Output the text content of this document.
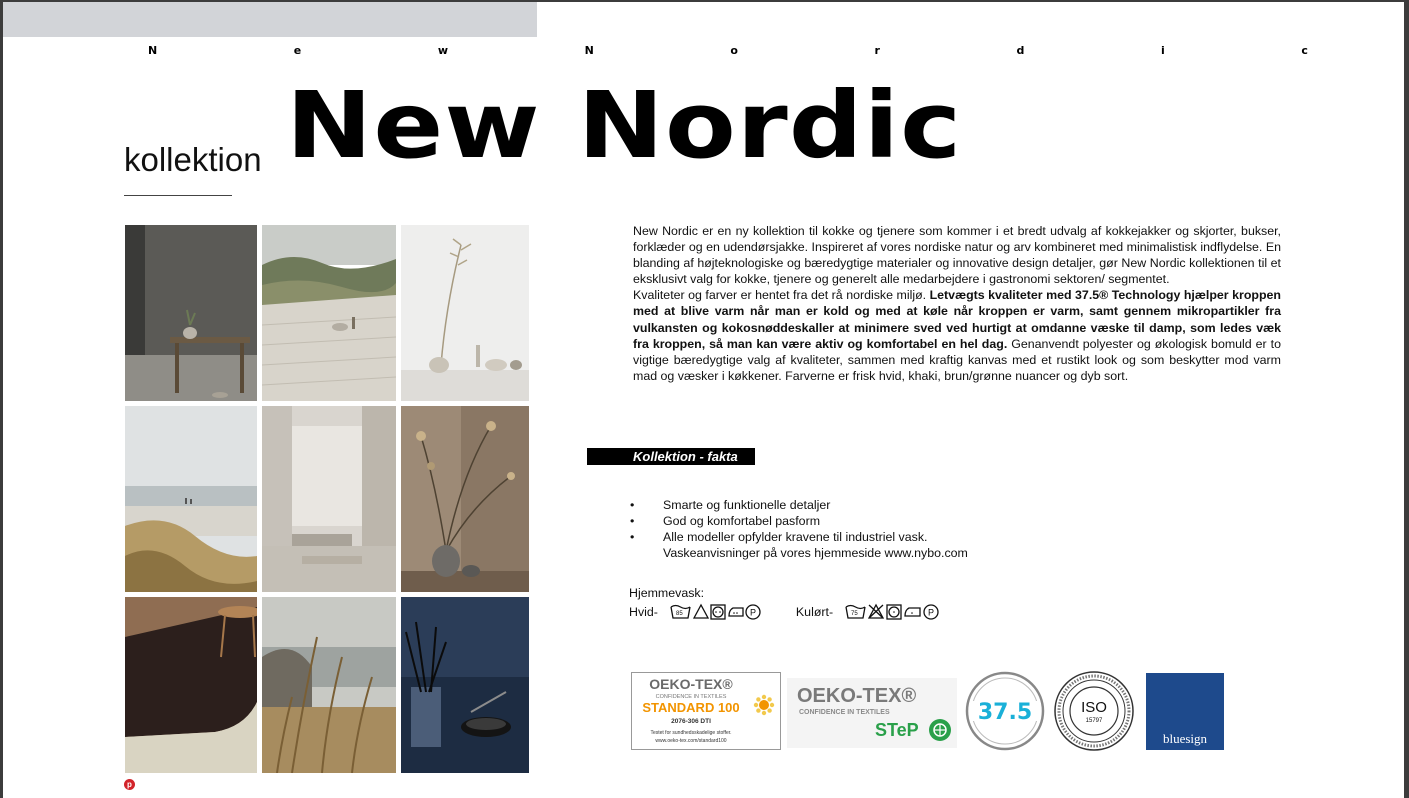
N	e	w	N	o	r	d	i	c
kollektion New Nordic
p

New Nordic er en ny kollektion til kokke og tjenere som kommer i et bredt udvalg af kokkejakker og skjorter, bukser, forklæder og en udendørsjakke. Inspireret af vores nordiske natur og arv kombineret med minimalistisk indflydelse. En blanding af højteknologiske og bæredygtige materialer og innovative design detaljer, gør New Nordic kollektionen til et eksklusivt valg for kokke, tjenere og generelt alle medarbejdere i gastronomi sektoren/ segmentet.

Kvaliteter og farver er hentet fra det rå nordiske miljø. Letvægts kvaliteter med 37.5® Technology hjælper kroppen med at blive varm når man er kold og med at køle når kroppen er varm, samt gennem mikropartikler fra vulkansten og kokosnøddeskaller at minimere sved ved hurtigt at omdanne væske til damp, som ledes væk fra kroppen, så man kan være aktiv og komfortabel en hel dag. Genanvendt polyester og økologisk bomuld er to vigtige bæredygtige valg af kvaliteter, sammen med kraftig kanvas med et rustikt look og som beskytter mod varm mad og væsker i køkkener. Farverne er frisk hvid, khaki, brun/grønne nuancer og dyb sort.

Kollektion - fakta
•	Smarte og funktionelle detaljer
•	God og komfortabel pasform
•	Alle modeller opfylder kravene til industriel vask.
Vaskeanvisninger på vores hjemmeside www.nybo.com
Hjemmevask:
Hvid-	85	P	Kulørt-	75	P
OEKO-TEX®
CONFIDENCE IN TEXTILES
STANDARD 100
2076-306 DTI
Testet for sundhedsskadelige stoffer.
www.oeko-tex.com/standard100
OEKO-TEX®
CONFIDENCE IN TEXTILES
STeP
37.5	ISO
15797
bluesign
